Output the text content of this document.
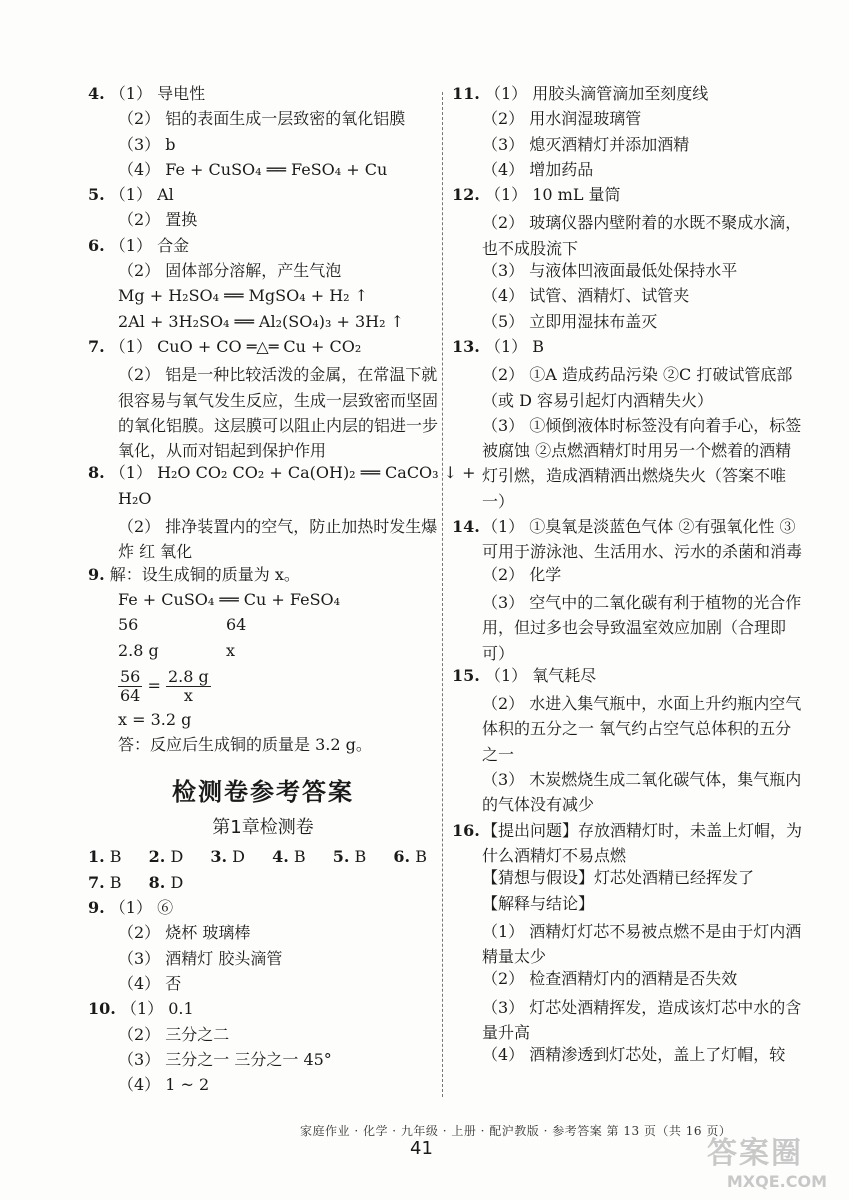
4. （1） 导电性
（2） 铝的表面生成一层致密的氧化铝膜
（3） b
（4） Fe + CuSO₄ ══ FeSO₄ + Cu
5. （1） Al
（2） 置换
6. （1） 合金
（2） 固体部分溶解，产生气泡
Mg + H₂SO₄ ══ MgSO₄ + H₂ ↑
2Al + 3H₂SO₄ ══ Al₂(SO₄)₃ + 3H₂ ↑
7. （1） CuO + CO ═△═ Cu + CO₂
（2） 铝是一种比较活泼的金属，在常温下就很容易与氧气发生反应，生成一层致密而坚固的氧化铝膜。这层膜可以阻止内层的铝进一步氧化，从而对铝起到保护作用
8. （1） H₂O CO₂ CO₂ + Ca(OH)₂ ══ CaCO₃ ↓ +
H₂O
（2） 排净装置内的空气，防止加热时发生爆炸 红 氧化
9. 解：设生成铜的质量为 x。
Fe + CuSO₄ ══ Cu + FeSO₄
56	64
2.8 g	x
$\frac{56}{64} = \frac{2.8 g}{x}$
x = 3.2 g
答：反应后生成铜的质量是 3.2 g。
检测卷参考答案
第1章检测卷
1. B 2. D 3. D 4. B 5. B 6. B
7. B 8. D
9. （1） ⑥
（2） 烧杯 玻璃棒
（3） 酒精灯 胶头滴管
（4） 否
10. （1） 0.1
（2） 三分之二
（3） 三分之一 三分之一 45°
（4） 1 ~ 2
11. （1） 用胶头滴管滴加至刻度线
（2） 用水润湿玻璃管
（3） 熄灭酒精灯并添加酒精
（4） 增加药品
12. （1） 10 mL 量筒
（2） 玻璃仪器内壁附着的水既不聚成水滴，也不成股流下
（3） 与液体凹液面最低处保持水平
（4） 试管、酒精灯、试管夹
（5） 立即用湿抹布盖灭
13. （1） B
（2） ①A 造成药品污染 ②C 打破试管底部（或 D 容易引起灯内酒精失火）
（3） ①倾倒液体时标签没有向着手心，标签被腐蚀 ②点燃酒精灯时用另一个燃着的酒精灯引燃，造成酒精洒出燃烧失火（答案不唯一）
14. （1） ①臭氧是淡蓝色气体 ②有强氧化性 ③可用于游泳池、生活用水、污水的杀菌和消毒
（2） 化学
（3） 空气中的二氧化碳有利于植物的光合作用，但过多也会导致温室效应加剧（合理即可）
15. （1） 氧气耗尽
（2） 水进入集气瓶中，水面上升约瓶内空气体积的五分之一 氧气约占空气总体积的五分之一
（3） 木炭燃烧生成二氧化碳气体，集气瓶内的气体没有减少
16. 【提出问题】存放酒精灯时，未盖上灯帽，为什么酒精灯不易点燃
【猜想与假设】灯芯处酒精已经挥发了
【解释与结论】
（1） 酒精灯灯芯不易被点燃不是由于灯内酒精量太少
（2） 检查酒精灯内的酒精是否失效
（3） 灯芯处酒精挥发，造成该灯芯中水的含量升高
（4） 酒精渗透到灯芯处，盖上了灯帽，较
家庭作业 · 化学 · 九年级 · 上册 · 配沪教版 · 参考答案 第 13 页（共 16 页）
41	答案圈
MXQE.COM
